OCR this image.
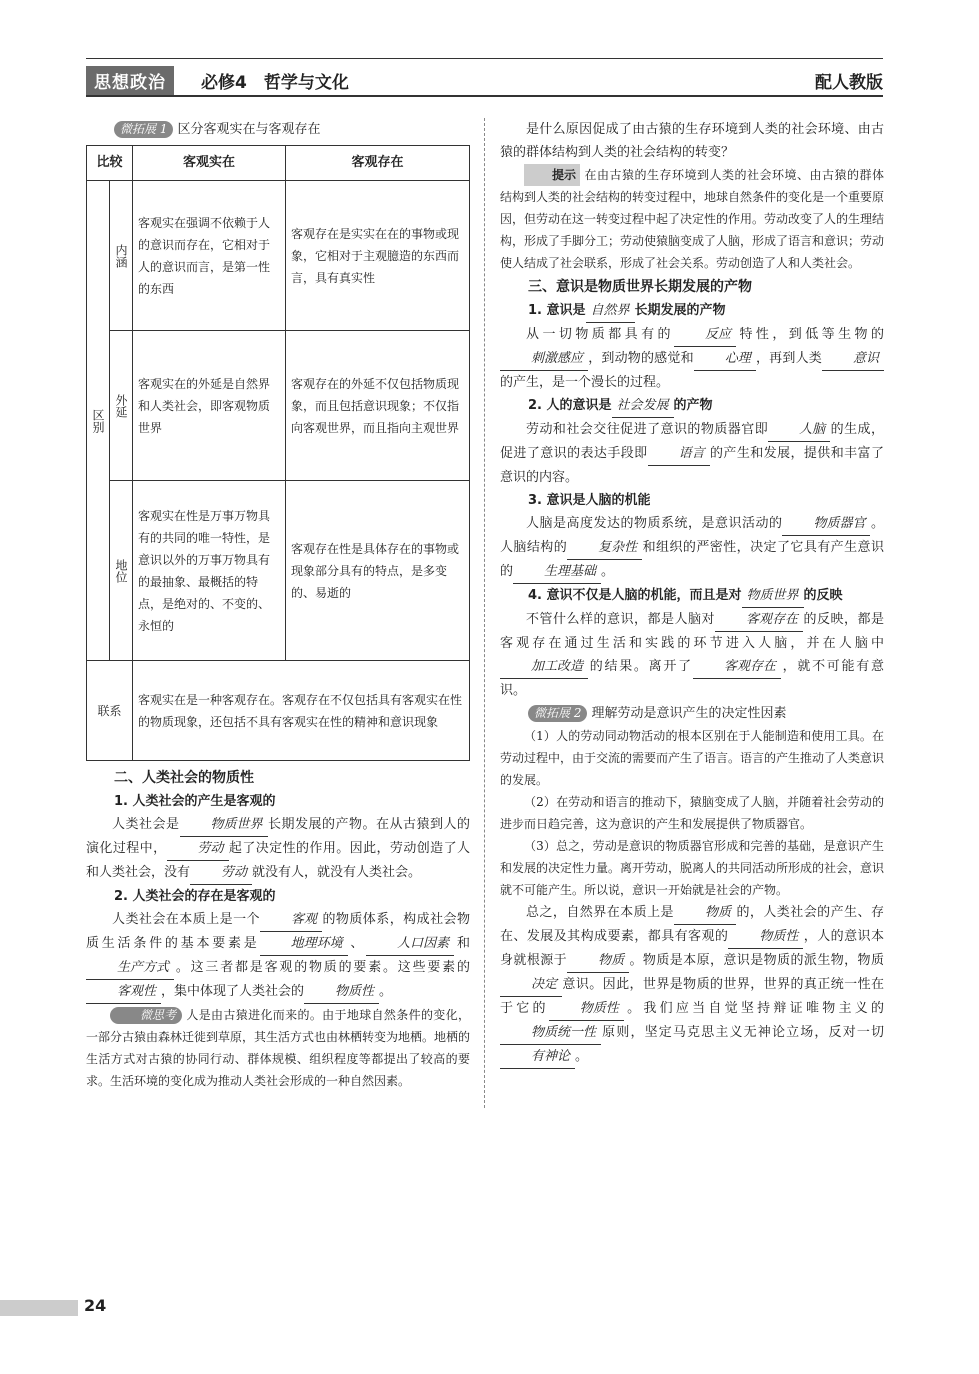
思想政治	必修4　哲学与文化	配人教版
微拓展 1 区分客观实在与客观存在
比较		客观实在	客观存在
区别	内涵	客观实在强调不依赖于人的意识而存在，它相对于人的意识而言，是第一性的东西	客观存在是实实在在的事物或现象，它相对于主观臆造的东西而言，具有真实性
	外延	客观实在的外延是自然界和人类社会，即客观物质世界	客观存在的外延不仅包括物质现象，而且包括意识现象；不仅指向客观世界，而且指向主观世界
	地位	客观实在性是万事万物具有的共同的唯一特性，是意识以外的万事万物具有的最抽象、最概括的特点，是绝对的、不变的、永恒的	客观存在性是具体存在的事物或现象部分具有的特点，是多变的、易逝的
联系		客观实在是一种客观存在。客观存在不仅包括具有客观实在性的物质现象，还包括不具有客观实在性的精神和意识现象	
二、人类社会的物质性
1. 人类社会的产生是客观的

人类社会是 物质世界 长期发展的产物。在从古猿到人的演化过程中， 劳动 起了决定性的作用。因此，劳动创造了人和人类社会，没有 劳动 就没有人，就没有人类社会。

2. 人类社会的存在是客观的

人类社会在本质上是一个 客观 的物质体系，构成社会物质生活条件的基本要素是 地理环境 、 人口因素 和生产方式 。这三者都是客观的物质的要素。这些要素的客观性 ，集中体现了人类社会的 物质性 。

微思考 人是由古猿进化而来的。由于地球自然条件的变化，一部分古猿由森林迁徙到草原，其生活方式也由林栖转变为地栖。地栖的生活方式对古猿的协同行动、群体规模、组织程度等都提出了较高的要求。生活环境的变化成为推动人类社会形成的一种自然因素。

是什么原因促成了由古猿的生存环境到人类的社会环境、由古猿的群体结构到人类的社会结构的转变？

提示 在由古猿的生存环境到人类的社会环境、由古猿的群体结构到人类的社会结构的转变过程中，地球自然条件的变化是一个重要原因，但劳动在这一转变过程中起了决定性的作用。劳动改变了人的生理结构，形成了手脚分工；劳动使猿脑变成了人脑，形成了语言和意识；劳动使人结成了社会联系，形成了社会关系。劳动创造了人和人类社会。

三、意识是物质世界长期发展的产物
1. 意识是 自然界 长期发展的产物

从一切物质都具有的 反应 特性，到低等生物的刺激感应 ，到动物的感觉和 心理 ，再到人类 意识的产生，是一个漫长的过程。

2. 人的意识是 社会发展 的产物

劳动和社会交往促进了意识的物质器官即 人脑 的生成，促进了意识的表达手段即 语言 的产生和发展，提供和丰富了意识的内容。

3. 意识是人脑的机能

人脑是高度发达的物质系统，是意识活动的 物质器官 。人脑结构的 复杂性 和组织的严密性，决定了它具有产生意识的 生理基础 。

4. 意识不仅是人脑的机能，而且是对 物质世界 的反映

不管什么样的意识，都是人脑对 客观存在 的反映，都是客观存在通过生活和实践的环节进入人脑，并在人脑中加工改造 的结果。离开了 客观存在 ，就不可能有意识。

微拓展 2 理解劳动是意识产生的决定性因素

（1）人的劳动同动物活动的根本区别在于人能制造和使用工具。在劳动过程中，由于交流的需要而产生了语言。语言的产生推动了人类意识的发展。

（2）在劳动和语言的推动下，猿脑变成了人脑，并随着社会劳动的进步而日趋完善，这为意识的产生和发展提供了物质器官。

（3）总之，劳动是意识的物质器官形成和完善的基础，是意识产生和发展的决定性力量。离开劳动，脱离人的共同活动所形成的社会，意识就不可能产生。所以说，意识一开始就是社会的产物。

总之，自然界在本质上是 物质 的，人类社会的产生、存在、发展及其构成要素，都具有客观的 物质性 ，人的意识本身就根源于 物质 。物质是本原，意识是物质的派生物，物质决定 意识。因此，世界是物质的世界，世界的真正统一性在于它的 物质性 。我们应当自觉坚持辩证唯物主义的物质统一性 原则，坚定马克思主义无神论立场，反对一切有神论 。

24
